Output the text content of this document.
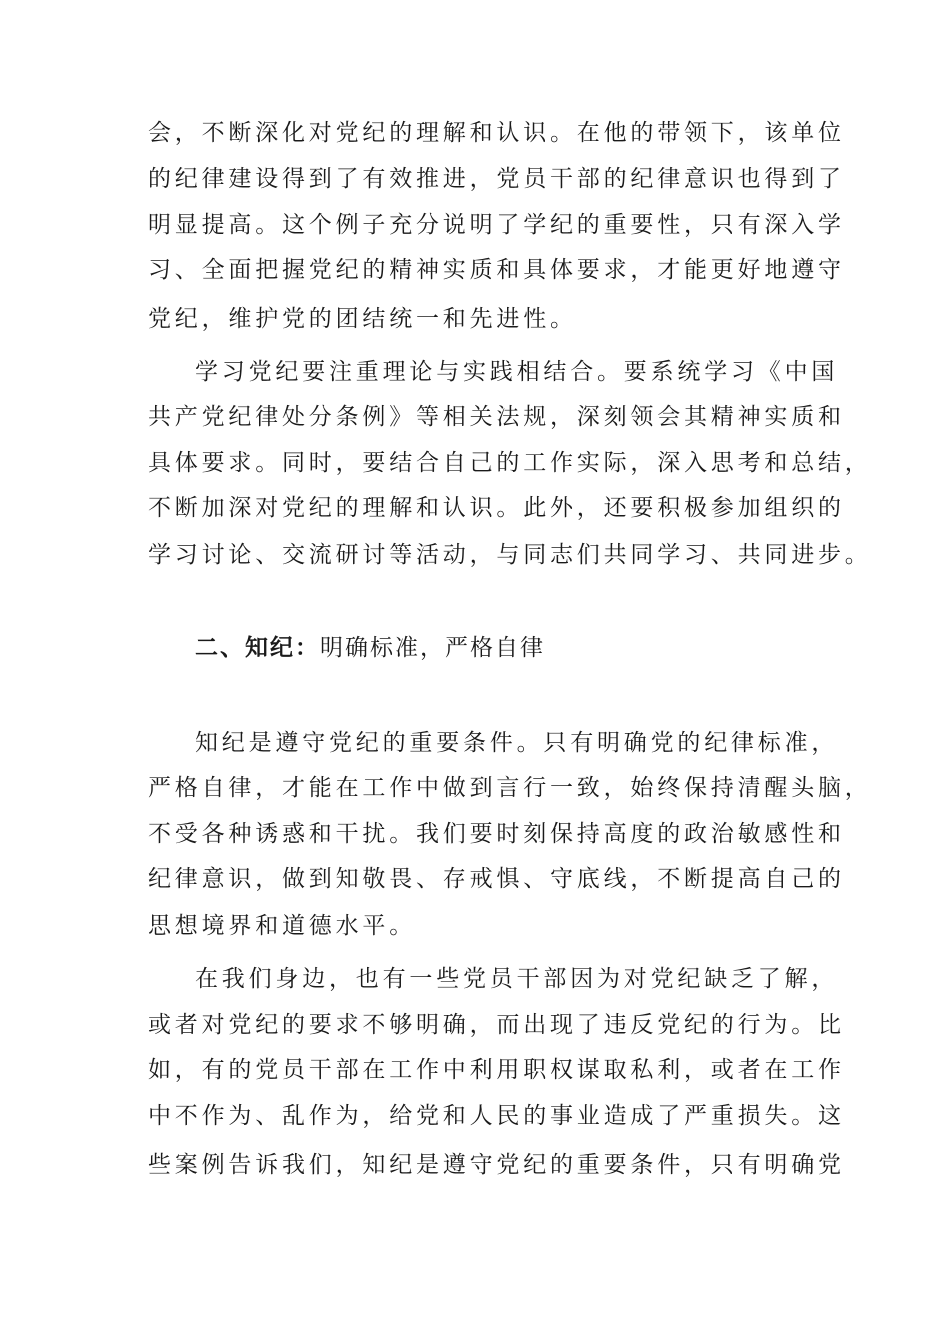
会，不断深化对党纪的理解和认识。在他的带领下，该单位
的纪律建设得到了有效推进，党员干部的纪律意识也得到了
明显提高。这个例子充分说明了学纪的重要性，只有深入学
习、全面把握党纪的精神实质和具体要求，才能更好地遵守
党纪，维护党的团结统一和先进性。
学习党纪要注重理论与实践相结合。要系统学习《中国
共产党纪律处分条例》等相关法规，深刻领会其精神实质和
具体要求。同时，要结合自己的工作实际，深入思考和总结，
不断加深对党纪的理解和认识。此外，还要积极参加组织的
学习讨论、交流研讨等活动，与同志们共同学习、共同进步。
二、知纪：明确标准，严格自律
知纪是遵守党纪的重要条件。只有明确党的纪律标准，
严格自律，才能在工作中做到言行一致，始终保持清醒头脑，
不受各种诱惑和干扰。我们要时刻保持高度的政治敏感性和
纪律意识，做到知敬畏、存戒惧、守底线，不断提高自己的
思想境界和道德水平。
在我们身边，也有一些党员干部因为对党纪缺乏了解，
或者对党纪的要求不够明确，而出现了违反党纪的行为。比
如，有的党员干部在工作中利用职权谋取私利，或者在工作
中不作为、乱作为，给党和人民的事业造成了严重损失。这
些案例告诉我们，知纪是遵守党纪的重要条件，只有明确党
